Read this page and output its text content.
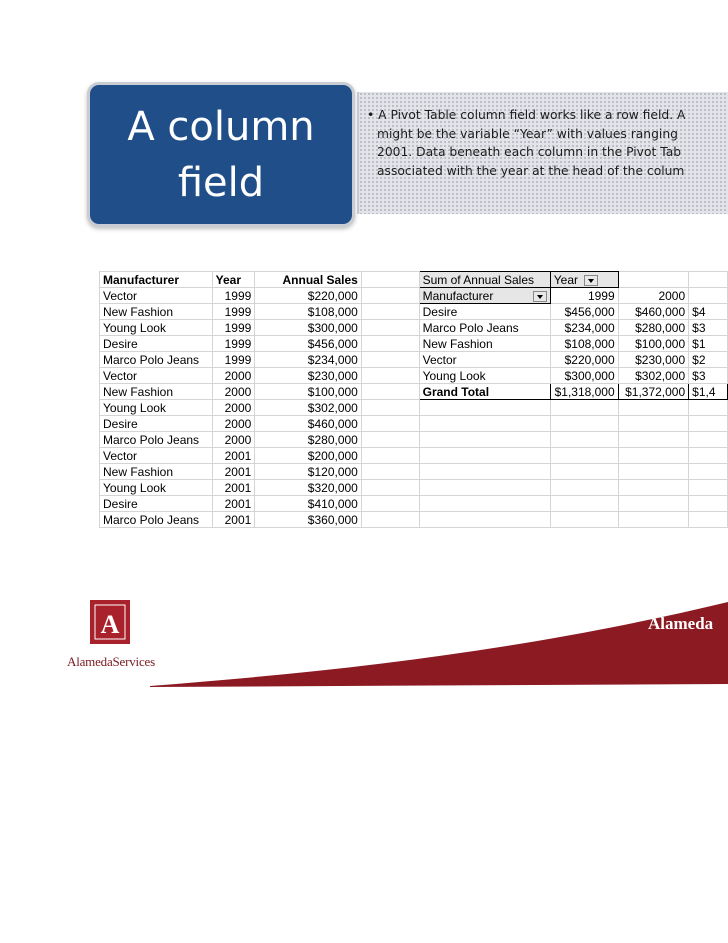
A column
field

• A Pivot Table column field works like a row field. A

might be the variable “Year” with values ranging

2001. Data beneath each column in the Pivot Tab

associated with the year at the head of the colum

Manufacturer	Year	Annual Sales		Sum of Annual Sales	Year		
Vector	1999	$220,000		Manufacturer	1999	2000	
New Fashion	1999	$108,000		Desire	$456,000	$460,000	$4
Young Look	1999	$300,000		Marco Polo Jeans	$234,000	$280,000	$3
Desire	1999	$456,000		New Fashion	$108,000	$100,000	$1
Marco Polo Jeans	1999	$234,000		Vector	$220,000	$230,000	$2
Vector	2000	$230,000		Young Look	$300,000	$302,000	$3
New Fashion	2000	$100,000		Grand Total	$1,318,000	$1,372,000	$1,4
Young Look	2000	$302,000					
Desire	2000	$460,000					
Marco Polo Jeans	2000	$280,000					
Vector	2001	$200,000					
New Fashion	2001	$120,000					
Young Look	2001	$320,000					
Desire	2001	$410,000					
Marco Polo Jeans	2001	$360,000					
Alameda
A
AlamedaServices
